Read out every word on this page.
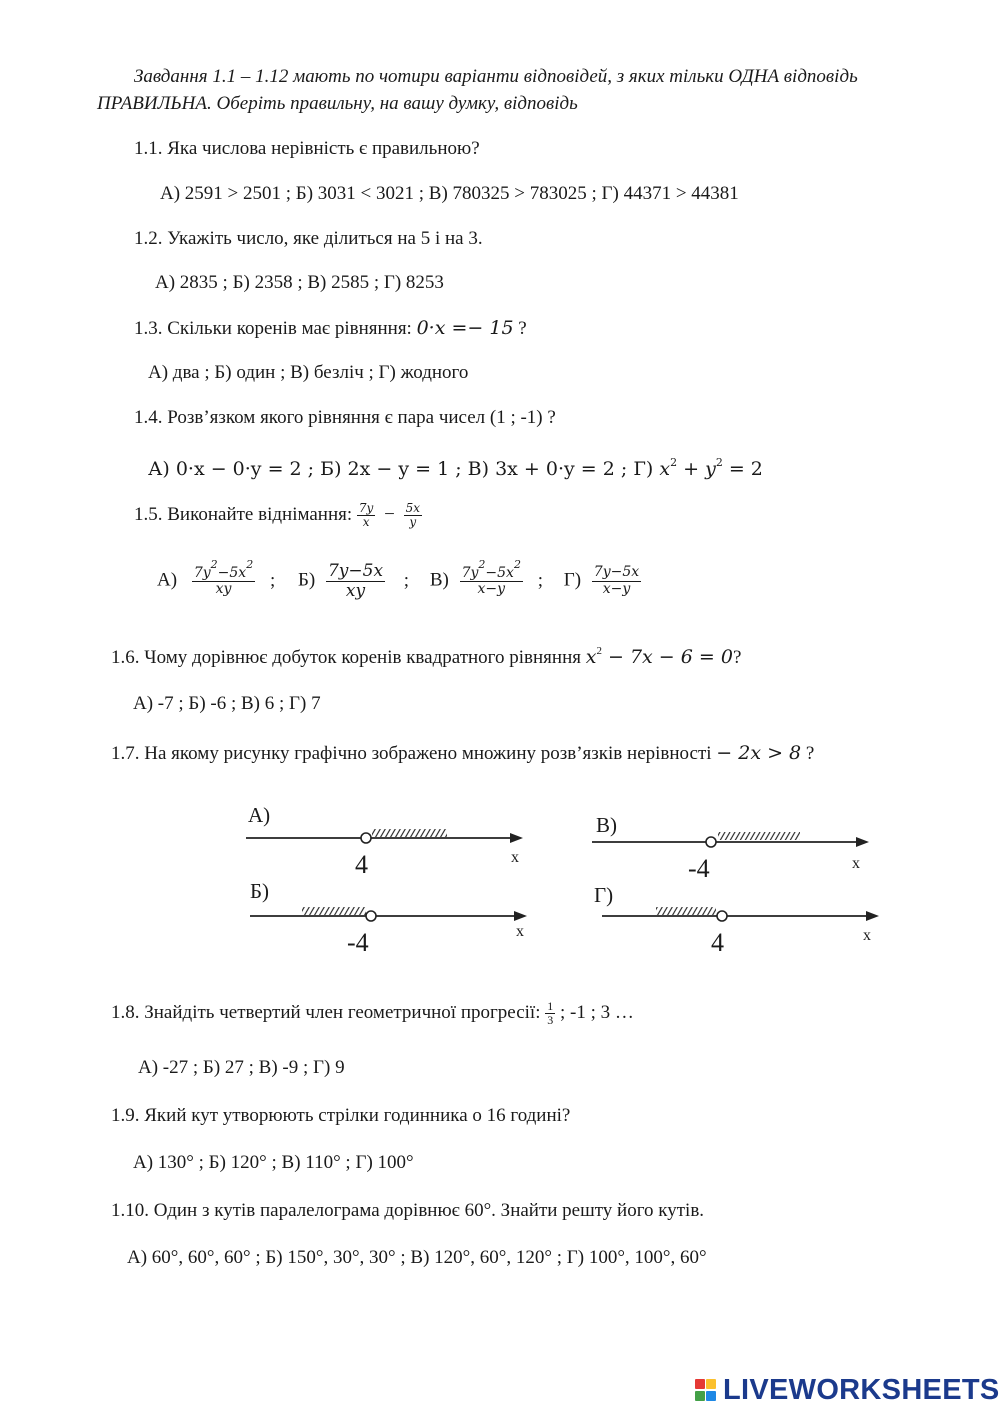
Завдання 1.1 – 1.12 мають по чотири варіанти відповідей, з яких тільки ОДНА відповідь
ПРАВИЛЬНА. Оберіть правильну, на вашу думку, відповідь
1.1. Яка числова нерівність є правильною?
А) 2591 > 2501 ; Б) 3031 < 3021 ; В) 780325 > 783025 ; Г) 44371 > 44381
1.2. Укажіть число, яке ділиться на 5 і на 3.
А) 2835 ; Б) 2358 ; В) 2585 ; Г) 8253
1.3. Скільки коренів має рівняння: 0·x =− 15 ?
А) два ; Б) один ; В) безліч ; Г) жодного
1.4. Розв’язком якого рівняння є пара чисел (1 ; -1) ?
А) 0·x − 0·y = 2 ; Б) 2x − y = 1 ; В) 3x + 0·y = 2 ; Г) $x^2 + y^2 = 2$
1.5. Виконайте віднімання: $\frac{7y}{x} - \frac{5x}{y}$
$А) \frac{7y^2-5x^2}{xy}$ ; $Б) \frac{7y-5x}{xy}$ ; $В) \frac{7y^2-5x^2}{x-y}$ ; $Г) \frac{7y-5x}{x-y}$
1.6. Чому дорівнює добуток коренів квадратного рівняння $x^2 - 7x - 6 = 0$?
А) -7 ; Б) -6 ; В) 6 ; Г) 7
1.7. На якому рисунку графічно зображено множину розв’язків нерівності − 2x > 8 ?
А)
4	x
В)
-4	x
Б)
-4	x
Г)
4	x
1.8. Знайдіть четвертий член геометричної прогресії: $\frac{1}{3}$ ; -1 ; 3 …
А) -27 ; Б) 27 ; В) -9 ; Г) 9
1.9. Який кут утворюють стрілки годинника о 16 годині?
А) 130° ; Б) 120° ; В) 110° ; Г) 100°
1.10. Один з кутів паралелограма дорівнює 60°. Знайти решту його кутів.
А) 60°, 60°, 60° ; Б) 150°, 30°, 30° ; В) 120°, 60°, 120° ; Г) 100°, 100°, 60°
LIVEWORKSHEETS
